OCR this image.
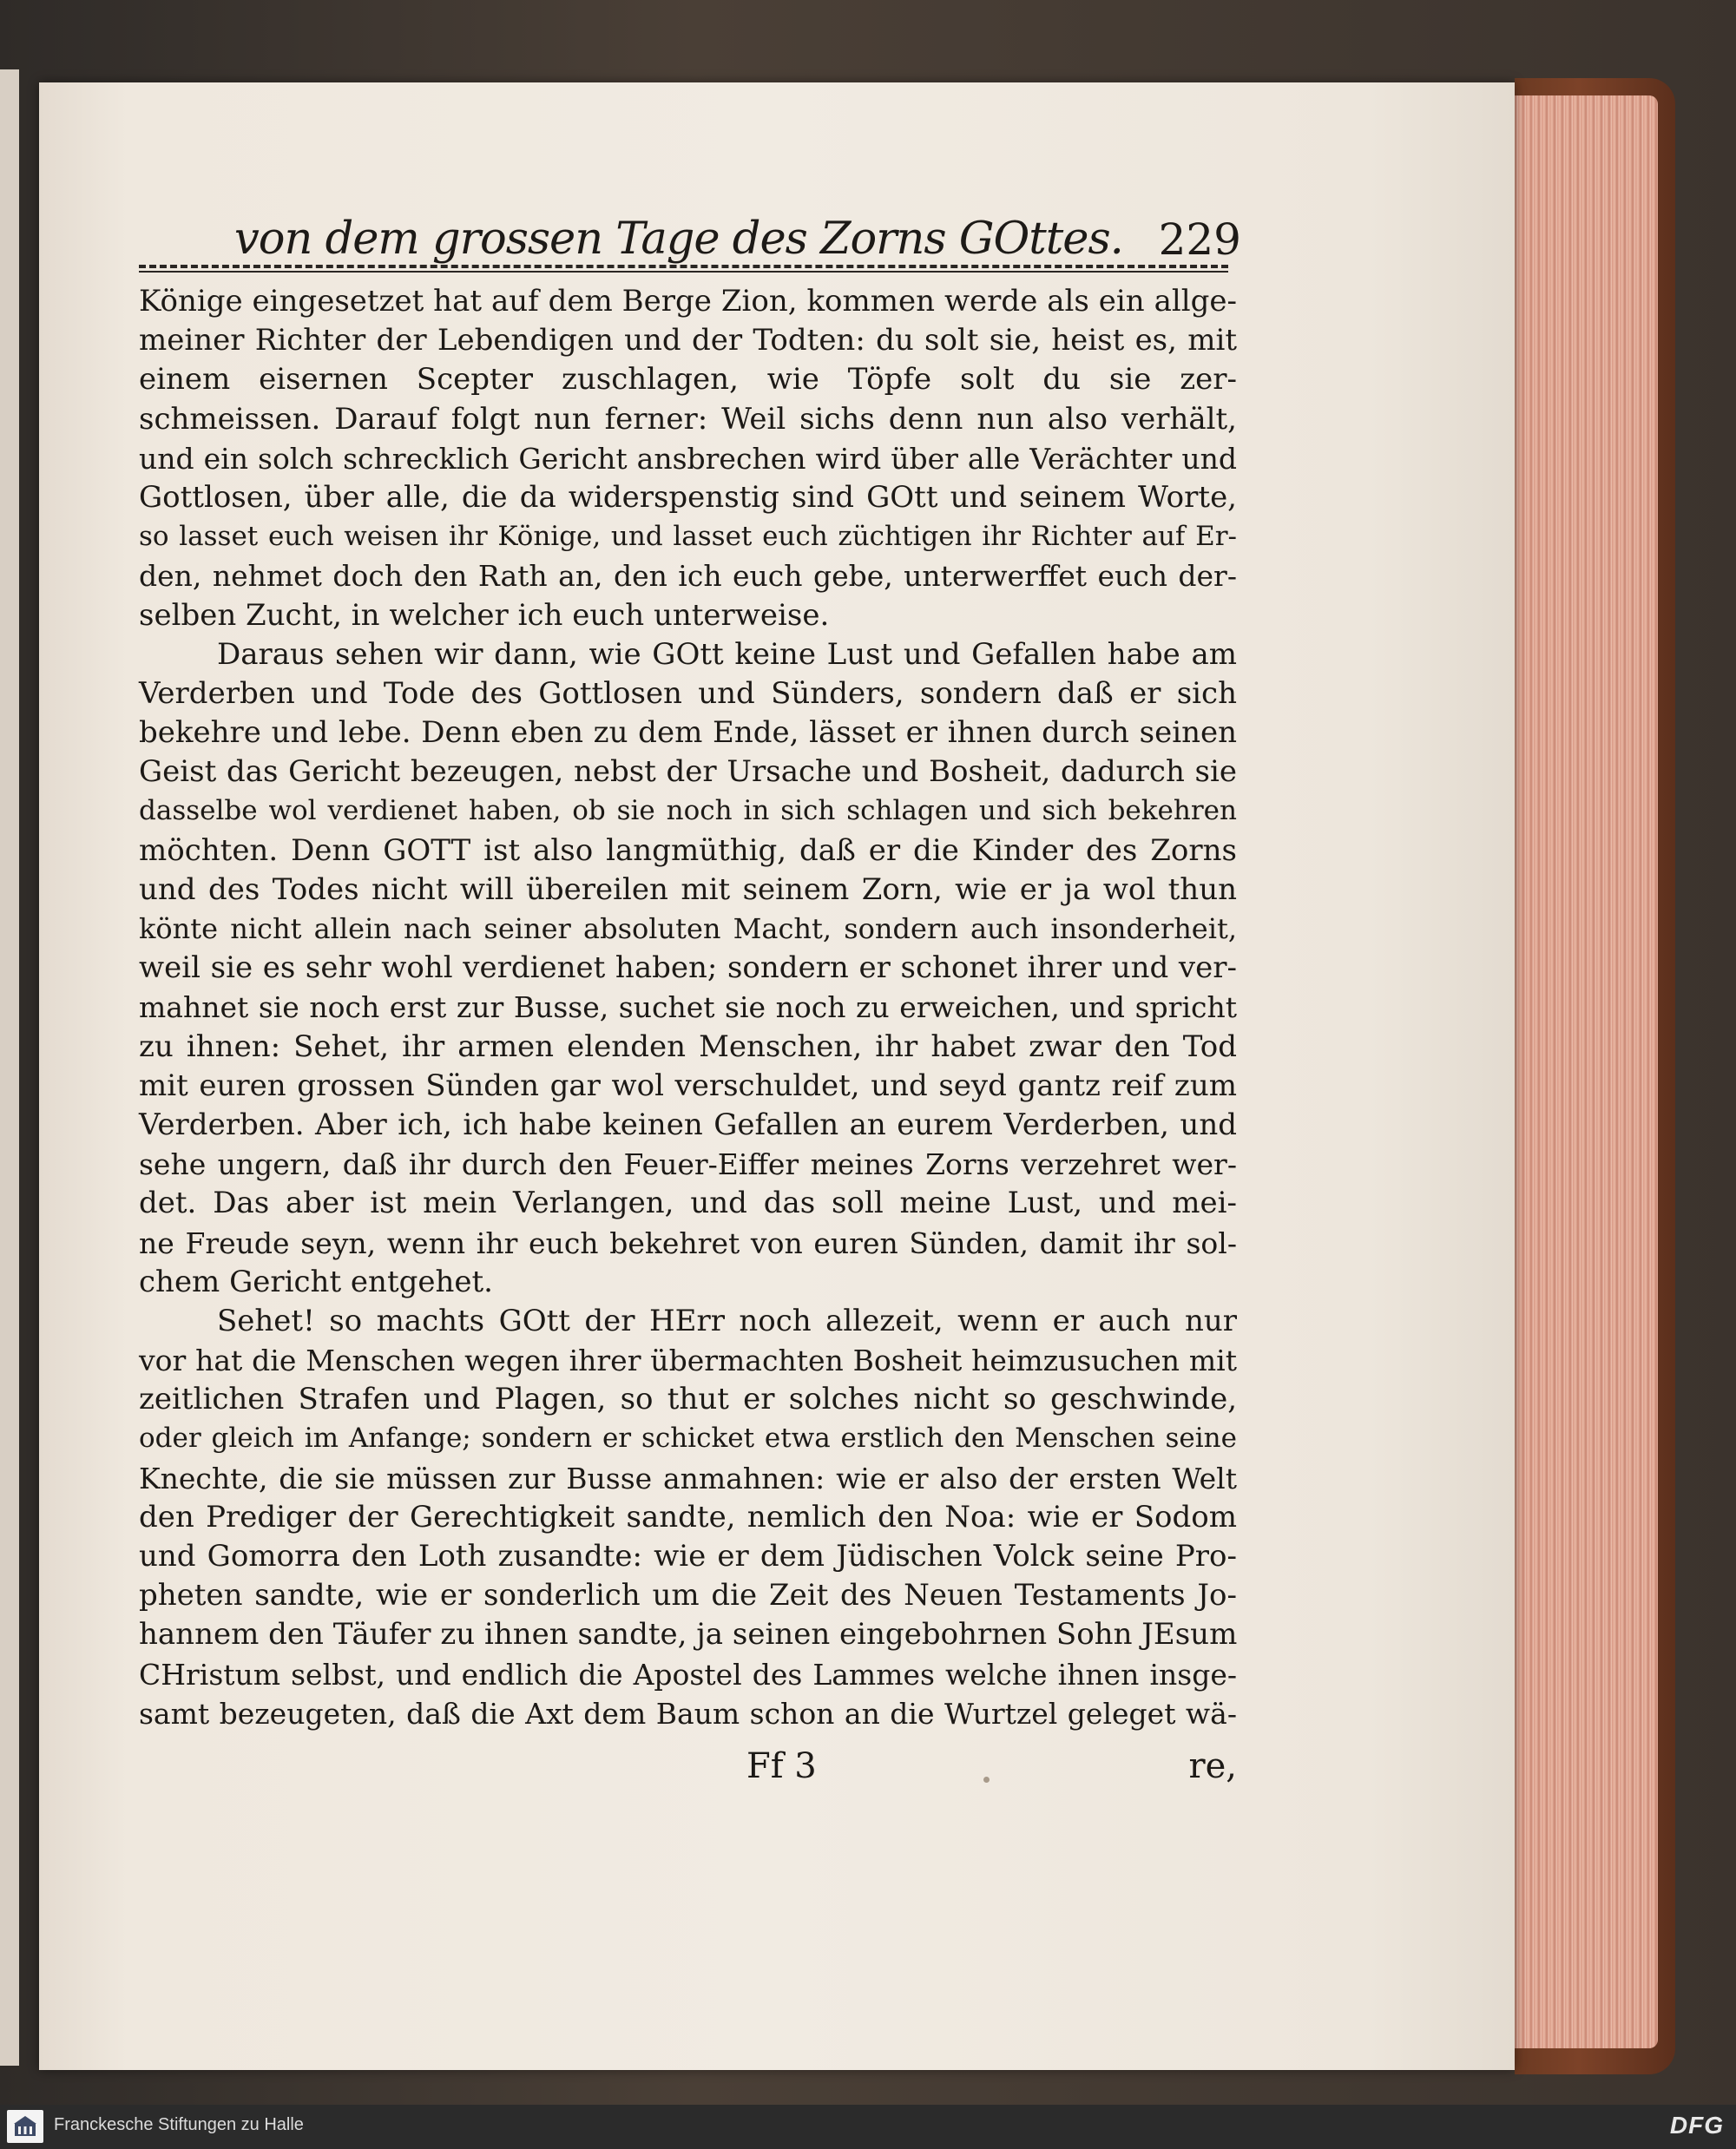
von dem grossen Tage des Zorns GOttes. 229
Könige eingesetzet hat auf dem Berge Zion, kommen werde als ein allge-
meiner Richter der Lebendigen und der Todten: du solt sie, heist es, mit
einem eisernen Scepter zuschlagen, wie Töpfe solt du sie zer-
schmeissen. Darauf folgt nun ferner: Weil sichs denn nun also verhält,
und ein solch schrecklich Gericht ansbrechen wird über alle Verächter und
Gottlosen, über alle, die da widerspenstig sind GOtt und seinem Worte,
so lasset euch weisen ihr Könige, und lasset euch züchtigen ihr Richter auf Er-
den, nehmet doch den Rath an, den ich euch gebe, unterwerffet euch der-
selben Zucht, in welcher ich euch unterweise.
Daraus sehen wir dann, wie GOtt keine Lust und Gefallen habe am
Verderben und Tode des Gottlosen und Sünders, sondern daß er sich
bekehre und lebe. Denn eben zu dem Ende, lässet er ihnen durch seinen
Geist das Gericht bezeugen, nebst der Ursache und Bosheit, dadurch sie
dasselbe wol verdienet haben, ob sie noch in sich schlagen und sich bekehren
möchten. Denn GOTT ist also langmüthig, daß er die Kinder des Zorns
und des Todes nicht will übereilen mit seinem Zorn, wie er ja wol thun
könte nicht allein nach seiner absoluten Macht, sondern auch insonderheit,
weil sie es sehr wohl verdienet haben; sondern er schonet ihrer und ver-
mahnet sie noch erst zur Busse, suchet sie noch zu erweichen, und spricht
zu ihnen: Sehet, ihr armen elenden Menschen, ihr habet zwar den Tod
mit euren grossen Sünden gar wol verschuldet, und seyd gantz reif zum
Verderben. Aber ich, ich habe keinen Gefallen an eurem Verderben, und
sehe ungern, daß ihr durch den Feuer-Eiffer meines Zorns verzehret wer-
det. Das aber ist mein Verlangen, und das soll meine Lust, und mei-
ne Freude seyn, wenn ihr euch bekehret von euren Sünden, damit ihr sol-
chem Gericht entgehet.
Sehet! so machts GOtt der HErr noch allezeit, wenn er auch nur
vor hat die Menschen wegen ihrer übermachten Bosheit heimzusuchen mit
zeitlichen Strafen und Plagen, so thut er solches nicht so geschwinde,
oder gleich im Anfange; sondern er schicket etwa erstlich den Menschen seine
Knechte, die sie müssen zur Busse anmahnen: wie er also der ersten Welt
den Prediger der Gerechtigkeit sandte, nemlich den Noa: wie er Sodom
und Gomorra den Loth zusandte: wie er dem Jüdischen Volck seine Pro-
pheten sandte, wie er sonderlich um die Zeit des Neuen Testaments Jo-
hannem den Täufer zu ihnen sandte, ja seinen eingebohrnen Sohn JEsum
CHristum selbst, und endlich die Apostel des Lammes welche ihnen insge-
samt bezeugeten, daß die Axt dem Baum schon an die Wurtzel geleget wä-
Ff 3	re,
Franckesche Stiftungen zu Halle	DFG
